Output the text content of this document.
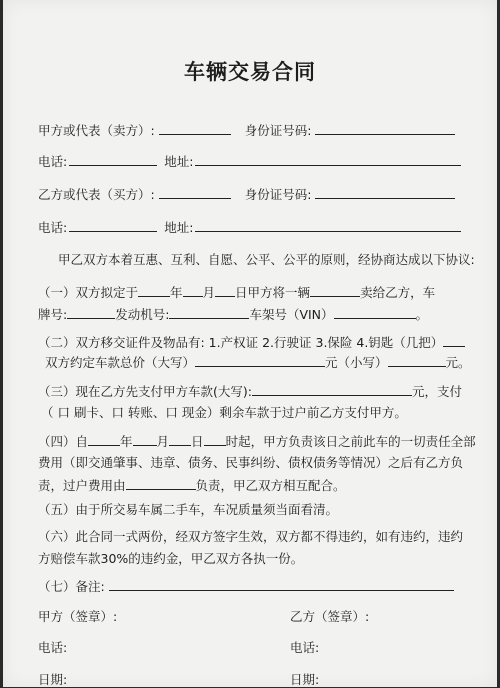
车辆交易合同
甲方或代表（卖方）:	身份证号码:
电话:	地址:
乙方或代表（买方）:	身份证号码:
电话:	地址:
甲乙双方本着互惠、互利、自愿、公平、公平的原则，经协商达成以下协议:
（一）双方拟定于	年 月 日甲方将一辆	卖给乙方，车
牌号:	发动机号:	车架号（VIN）	。
（二）双方移交证件及物品有: 1.产权证 2.行驶证 3.保险 4.钥匙（几把）
双方约定车款总价（大写）	元（小写）	元。
（三）现在乙方先支付甲方车款(大写):	元，支付
（ 口 刷卡、口 转账、口 现金）剩余车款于过户前乙方支付甲方。
（四）自	年 月 日 时起，甲方负责该日之前此车的一切责任全部
费用（即交通肇事、违章、债务、民事纠纷、债权债务等情况）之后有乙方负
责，过户费用由	负责，甲乙双方相互配合。
（五）由于所交易车属二手车，车况质量须当面看清。
（六）此合同一式两份，经双方签字生效，双方都不得违约，如有违约，违约
方赔偿车款30%的违约金，甲乙双方各执一份。
（七）备注:
甲方（签章）:	乙方（签章）:
电话:	电话:
日期:	日期:
